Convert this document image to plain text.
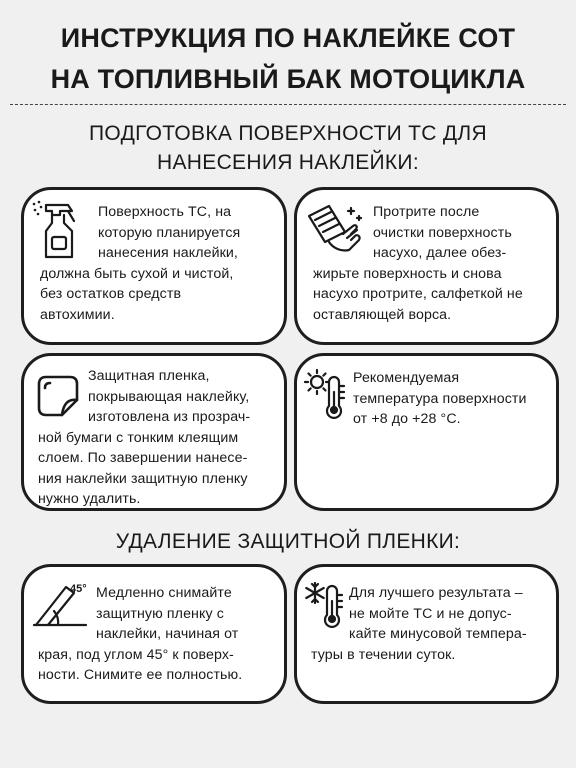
ИНСТРУКЦИЯ ПО НАКЛЕЙКЕ СОТ
НА ТОПЛИВНЫЙ БАК МОТОЦИКЛА
ПОДГОТОВКА ПОВЕРХНОСТИ ТС ДЛЯ
НАНЕСЕНИЯ НАКЛЕЙКИ:

Поверхность ТС, на
которую планируется
нанесения наклейки,

должна быть сухой и чистой,
без остатков средств
автохимии.

Протрите после
очистки поверхность
насухо, далее обез-

жирьте поверхность и снова
насухо протрите, салфеткой не
оставляющей ворса.

Защитная пленка,
покрывающая наклейку,
изготовлена из прозрач-

ной бумаги с тонким клеящим
слоем. По завершении нанесе-
ния наклейки защитную пленку
нужно удалить.

Рекомендуемая
температура поверхности
от +8 до +28 °С.

УДАЛЕНИЕ ЗАЩИТНОЙ ПЛЕНКИ:
45° Медленно снимайте
защитную пленку с
наклейки, начиная от

края, под углом 45° к поверх-
ности. Снимите ее полностью.

Для лучшего результата –
не мойте ТС и не допус-
кайте минусовой темпера-

туры в течении суток.
